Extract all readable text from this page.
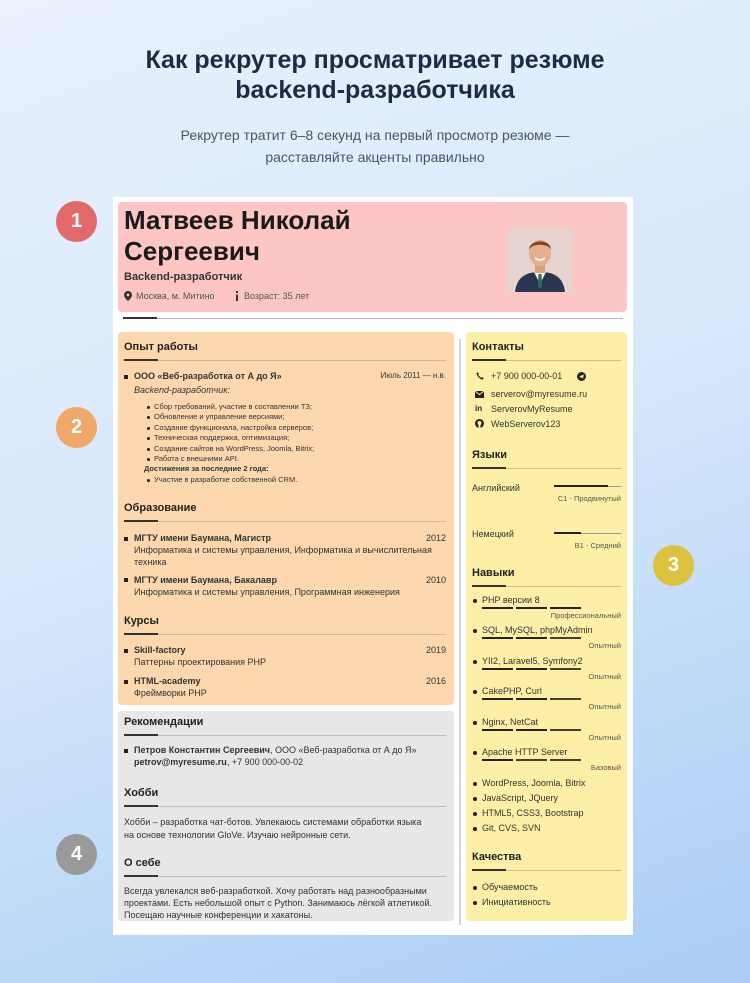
Как рекрутер просматривает резюме
backend-разработчика
Рекрутер тратит 6–8 секунд на первый просмотр резюме —
расставляйте акценты правильно
1
2
3
4
Матвеев Николай
Сергеевич
Backend-разработчик
Москва, м. Митино	Возраст: 35 лет
Опыт работы
ООО «Веб-разработка от А до Я»	Июль 2011 — н.в.
Backend-разработчик:
Сбор требований, участие в составлении ТЗ;
Обновление и управление версиями;
Создание функционала, настройка серверов;
Техническая поддержка, оптимизация;
Создание сайтов на WordPress, Joomla, Bitrix;
Работа с внешними API.
Достижения за последние 2 года:
Участие в разработке собственной CRM.
Образование
МГТУ имени Баумана, Магистр	2012
Информатика и системы управления, Информатика и вычислительная
техника
МГТУ имени Баумана, Бакалавр	2010
Информатика и системы управления, Программная инженерия
Курсы
Skill-factory	2019
Паттерны проектирования PHP
HTML-academy	2016
Фреймворки PHP
Рекомендации
Петров Константин Сергеевич, ООО «Веб-разработка от А до Я»
petrov@myresume.ru, +7 900 000-00-02
Хобби
Хобби – разработка чат-ботов. Увлекаюсь системами обработки языка
на основе технологии GloVe. Изучаю нейронные сети.
О себе
Всегда увлекался веб-разработкой. Хочу работать над разнообразными
проектами. Есть небольшой опыт с Python. Занимаюсь лёгкой атлетикой.
Посещаю научные конференции и хакатоны.
Контакты
+7 900 000-00-01
serverov@myresume.ru
in ServerovMyResume
WebServerov123
Языки
Английский
C1 - Продвинутый
Немецкий
B1 - Средний
Навыки
PHP версии 8
Профессиональный
SQL, MySQL, phpMyAdmin
Опытный
YII2, Laravel5, Symfony2
Опытный
CakePHP, Curl
Опытный
Nginx, NetCat
Опытный
Apache HTTP Server
Базовый
WordPress, Joomla, Bitrix
JavaScript, JQuery
HTML5, CSS3, Bootstrap
Git, CVS, SVN
Качества
Обучаемость
Инициативность
